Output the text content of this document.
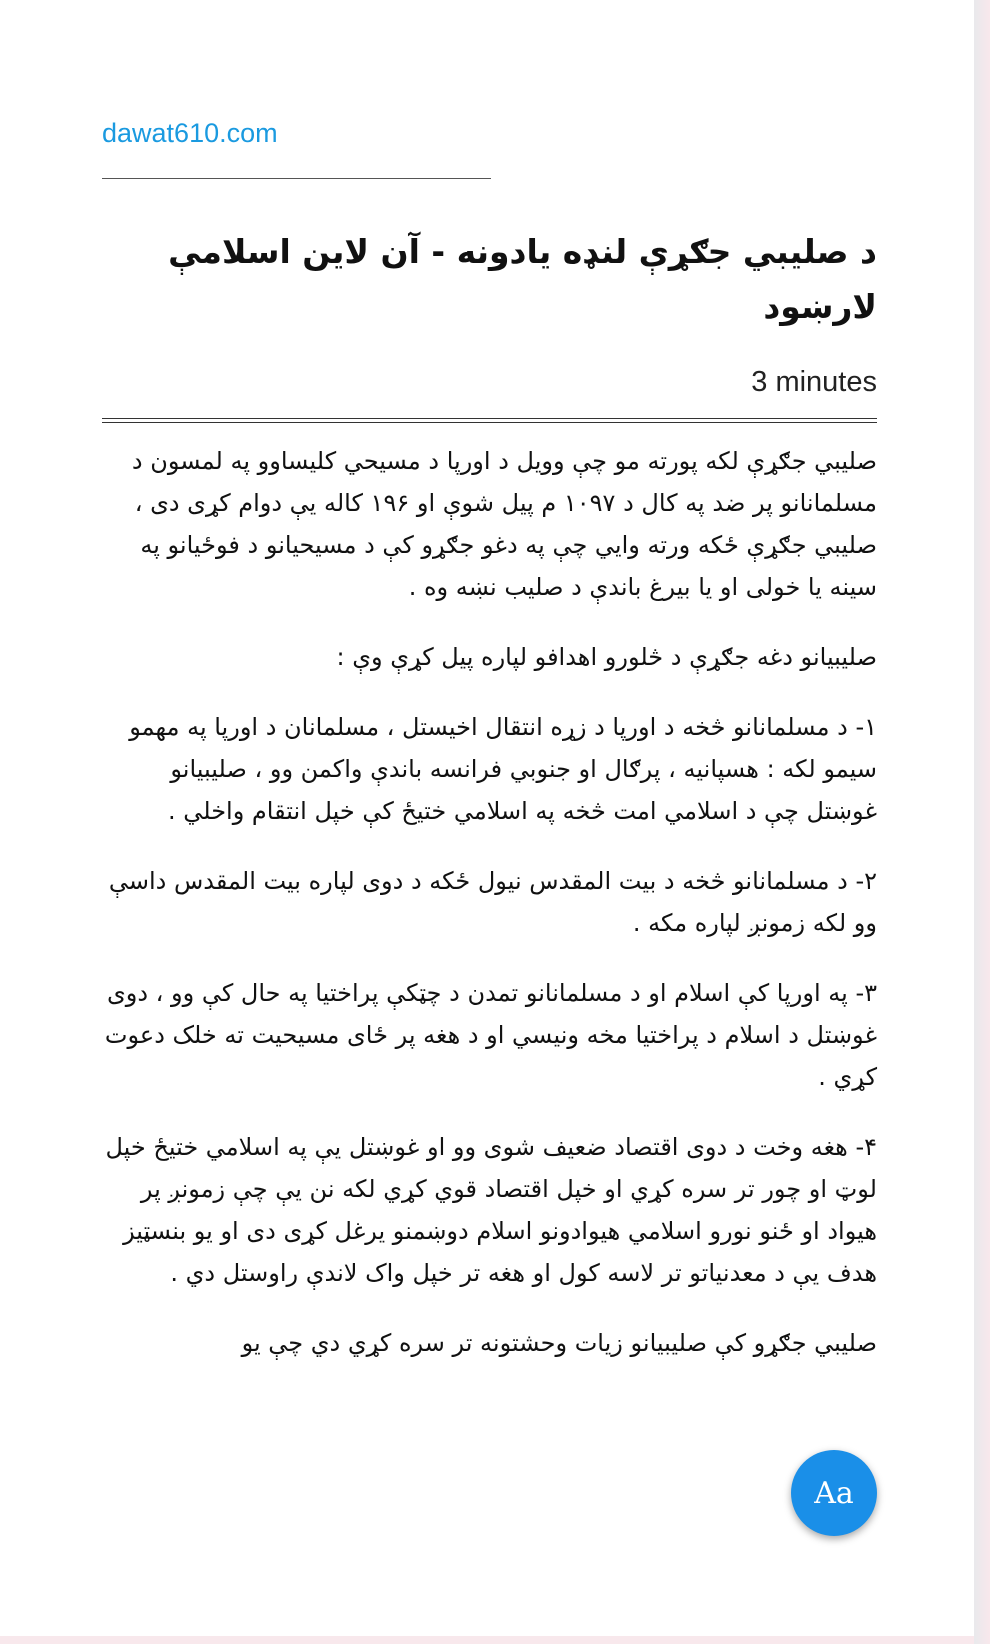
dawat610.com
د صلیبي جګړې لنډه یادونه - آن لاین اسلامې لارښود
3 minutes

صلیبي جګړې لکه پورته مو چې وویل د اورپا د مسیحي کلیساوو په لمسون د مسلمانانو پر ضد په کال د ۱۰۹۷ م پیل شوې او ۱۹۶ کاله یې دوام کړی دی ، صلیبي جګړې ځکه ورته وایي چې په دغو جګړو کې د مسیحیانو د فوځیانو په سینه یا خولی او یا بیرغ باندې د صلیب نښه وه .

صلیبیانو دغه جګړې د څلورو اهدافو لپاره پیل کړې وې :

۱- د مسلمانانو څخه د اورپا د زړه انتقال اخیستل ، مسلمانان د اورپا په مهمو سیمو لکه : هسپانیه ، پرګال او جنوبي فرانسه باندې واکمن وو ، صلیبیانو غوښتل چې د اسلامي امت څخه په اسلامي ختیځ کې خپل انتقام واخلي .

۲- د مسلمانانو څخه د بیت المقدس نیول ځکه د دوی لپاره بیت المقدس داسې وو لکه زمونږ لپاره مکه .

۳- په اورپا کې اسلام او د مسلمانانو تمدن د چټکې پراختیا په حال کې وو ، دوی غوښتل د اسلام د پراختیا مخه ونیسي او د هغه پر ځای مسیحیت ته خلک دعوت کړي .

۴- هغه وخت د دوی اقتصاد ضعیف شوی وو او غوښتل یې په اسلامي ختیځ خپل لوټ او چور تر سره کړي او خپل اقتصاد قوي کړي لکه نن یې چې زمونږ پر هیواد او ځنو نورو اسلامي هیوادونو اسلام دوښمنو یرغل کړی دی او یو بنسټیز هدف یې د معدنیاتو تر لاسه کول او هغه تر خپل واک لاندې راوستل دي .

صلیبي جګړو کې صلیبیانو زیات وحشتونه تر سره کړي دي چې یو

Aa
